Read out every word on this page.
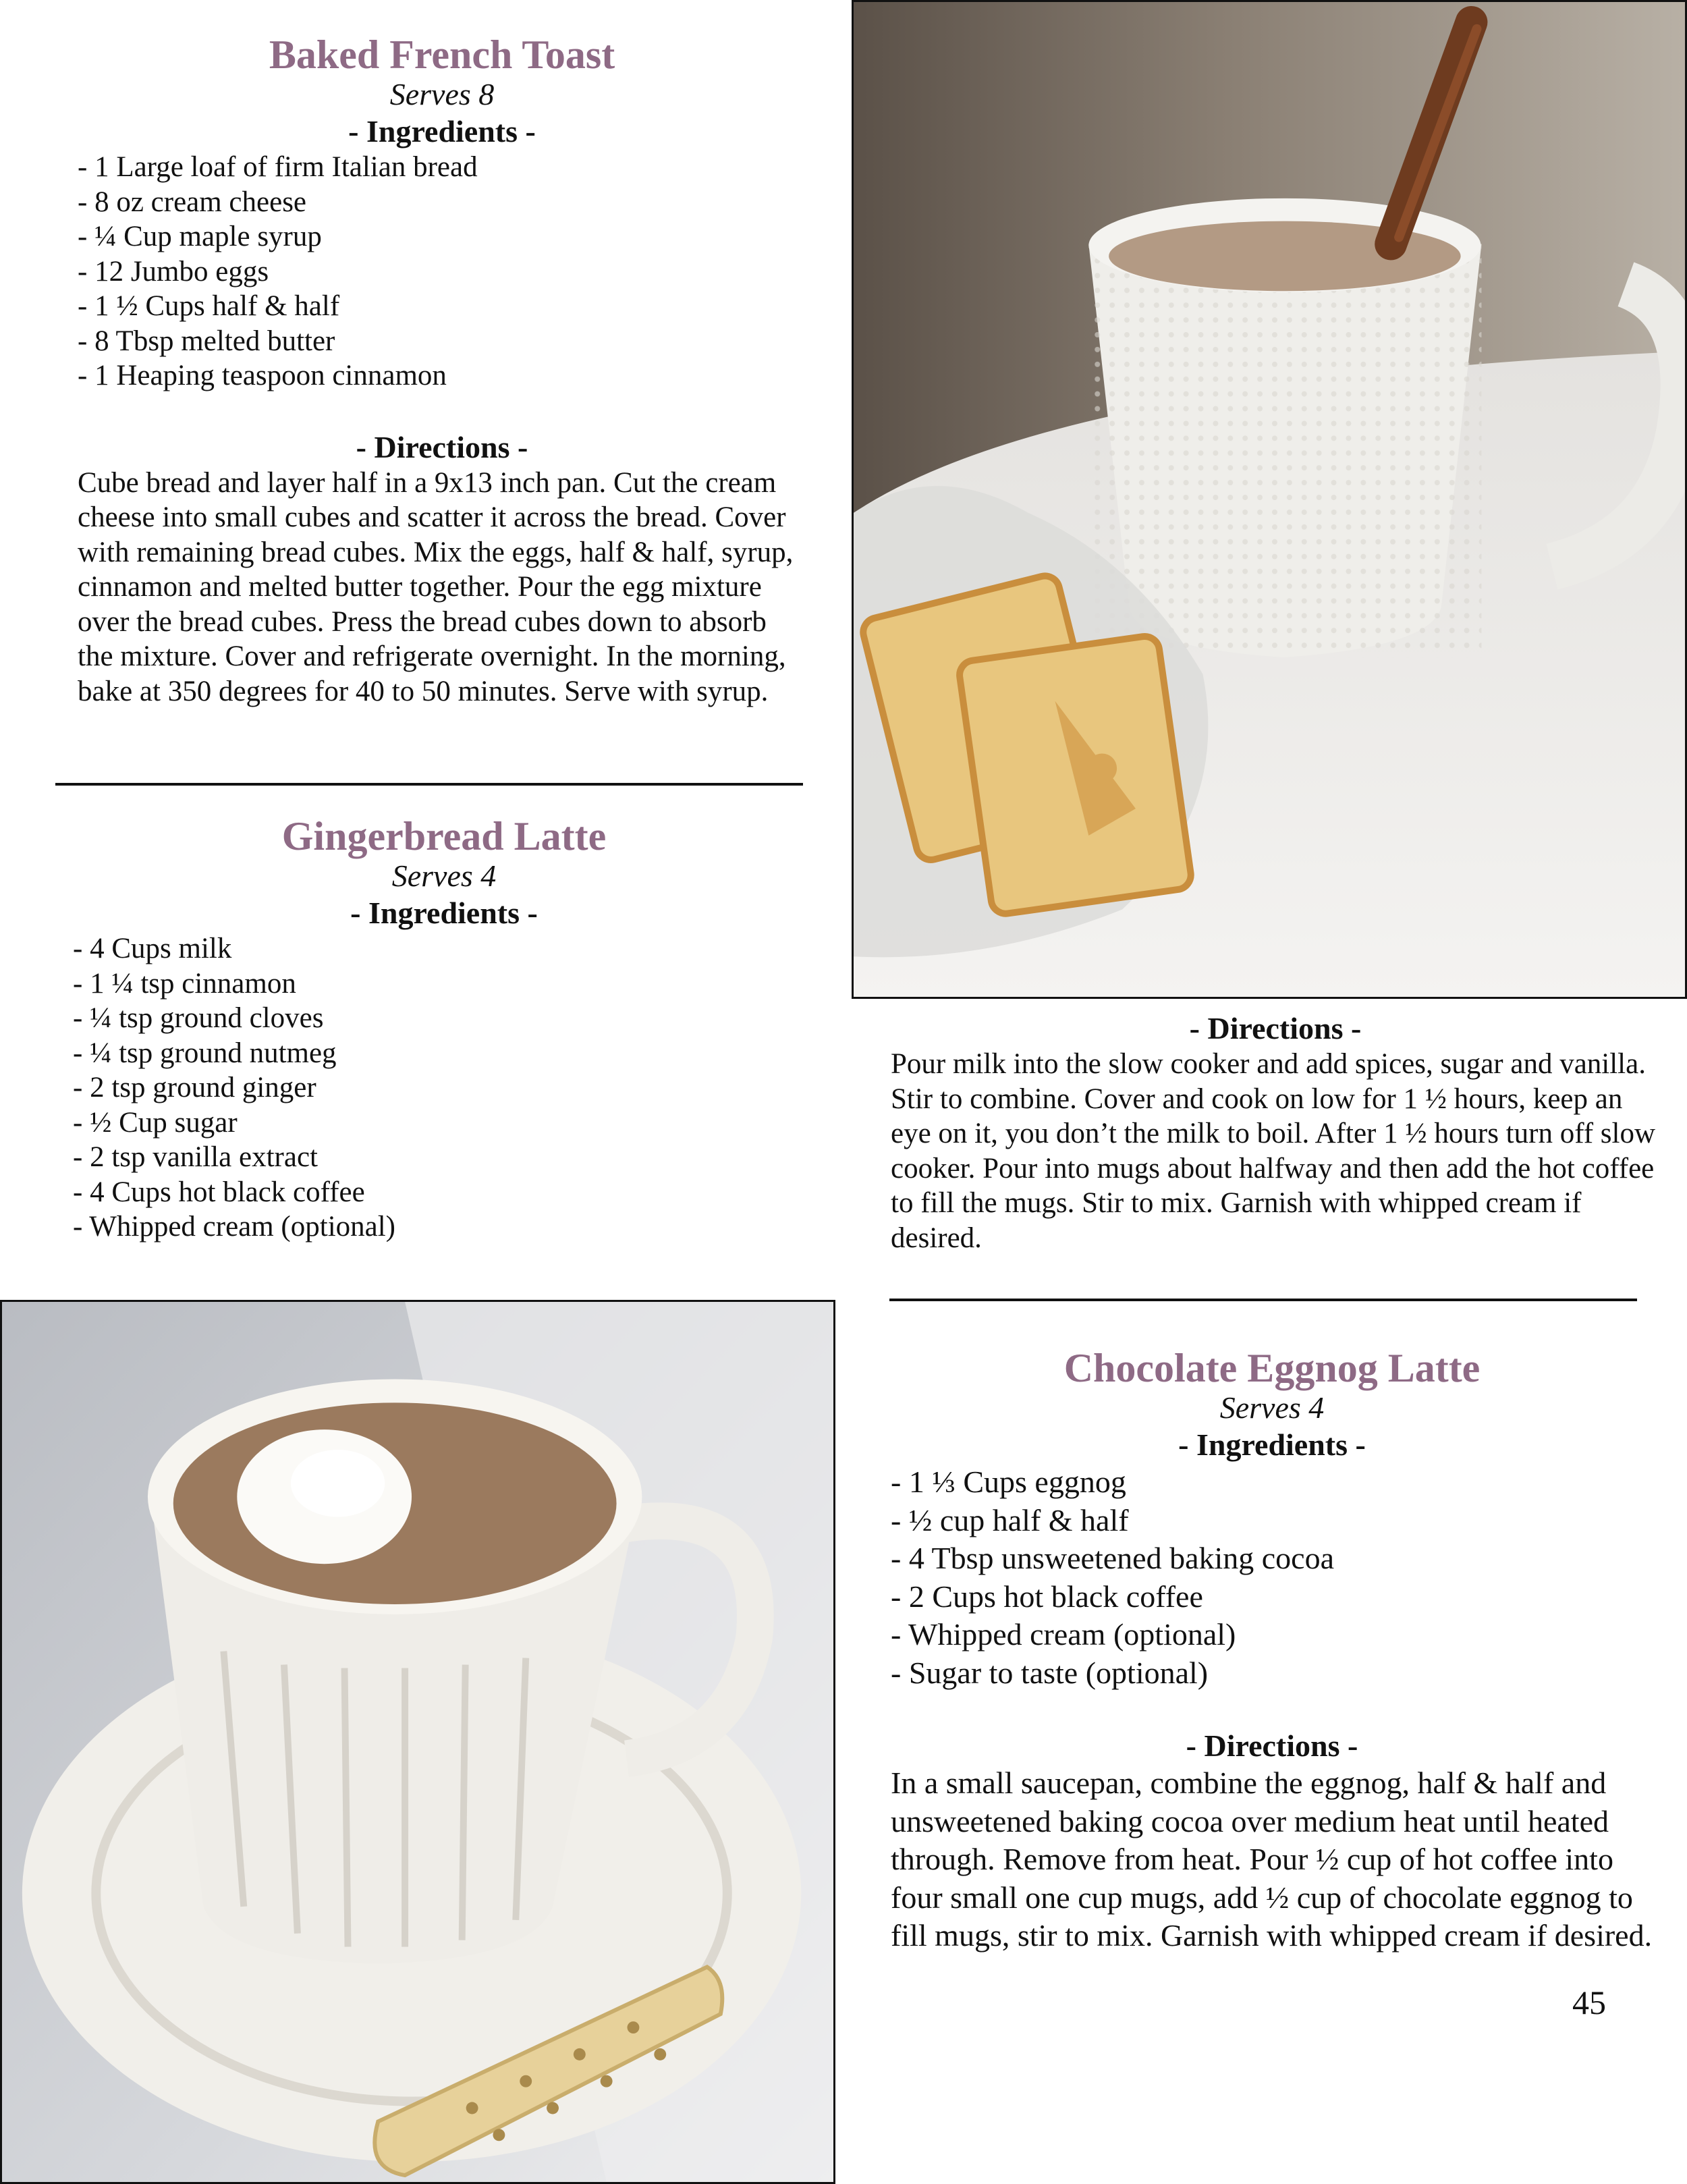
Baked French Toast
Serves 8
- Ingredients -
- 1 Large loaf of firm Italian bread
- 8 oz cream cheese
- ¼ Cup maple syrup
- 12 Jumbo eggs
- 1 ½ Cups half & half
- 8 Tbsp melted butter
- 1 Heaping teaspoon cinnamon
- Directions -

Cube bread and layer half in a 9x13 inch pan. Cut the cream cheese into small cubes and scatter it across the bread. Cover with remaining bread cubes. Mix the eggs, half & half, syrup, cinnamon and melted butter together. Pour the egg mixture over the bread cubes. Press the bread cubes down to absorb the mixture. Cover and refrigerate overnight. In the morning, bake at 350 degrees for 40 to 50 minutes. Serve with syrup.

Gingerbread Latte
Serves 4
- Ingredients -
- 4 Cups milk
- 1 ¼ tsp cinnamon
- ¼ tsp ground cloves
- ¼ tsp ground nutmeg
- 2 tsp ground ginger
- ½ Cup sugar
- 2 tsp vanilla extract
- 4 Cups hot black coffee
- Whipped cream (optional)
- Directions -

Pour milk into the slow cooker and add spices, sugar and vanilla. Stir to combine. Cover and cook on low for 1 ½ hours, keep an eye on it, you don’t the milk to boil. After 1 ½ hours turn off slow cooker. Pour into mugs about halfway and then add the hot coffee to fill the mugs. Stir to mix. Garnish with whipped cream if desired.

Chocolate Eggnog Latte
Serves 4
- Ingredients -
- 1 ⅓ Cups eggnog
- ½ cup half & half
- 4 Tbsp unsweetened baking cocoa
- 2 Cups hot black coffee
- Whipped cream (optional)
- Sugar to taste (optional)
- Directions -

In a small saucepan, combine the eggnog, half & half and unsweetened baking cocoa over medium heat until heated through. Remove from heat. Pour ½ cup of hot coffee into four small one cup mugs, add ½ cup of chocolate eggnog to fill mugs, stir to mix. Garnish with whipped cream if desired.

45
